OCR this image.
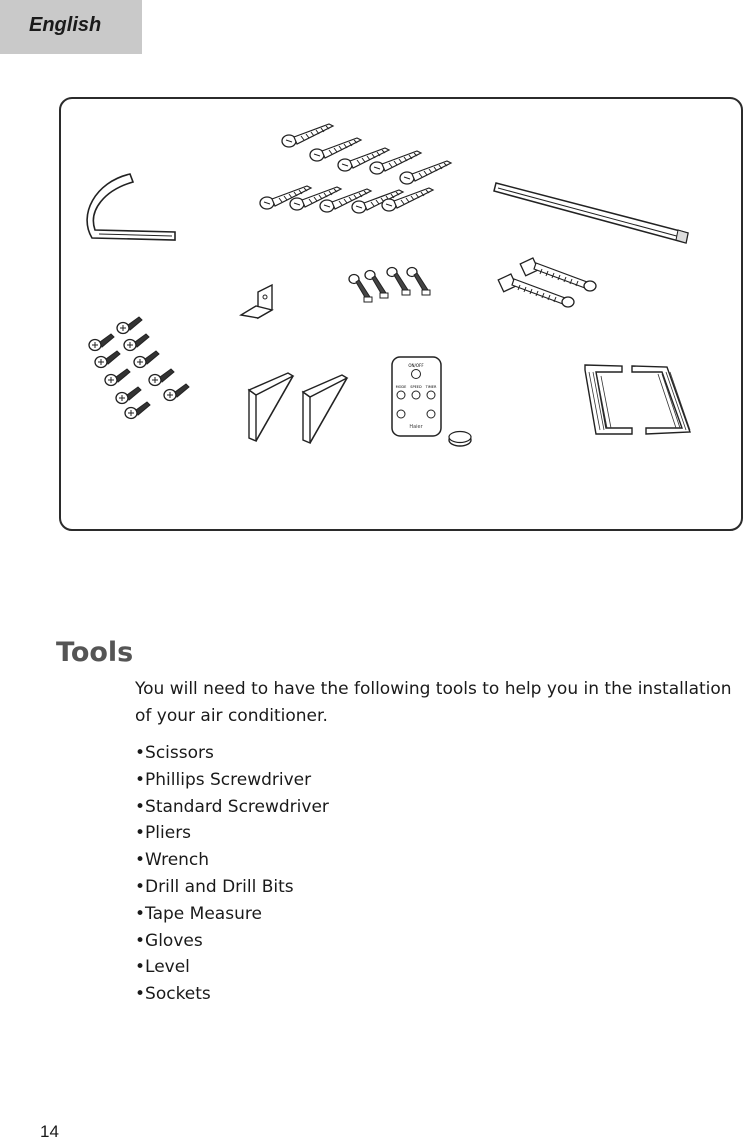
English
ON/OFF
MODE SPEED TIMER
Haier
Tools

You will need to have the following tools to help you in the installation of your air conditioner.

• Scissors
• Phillips Screwdriver
• Standard Screwdriver
• Pliers
• Wrench
• Drill and Drill Bits
• Tape Measure
• Gloves
• Level
• Sockets
14
